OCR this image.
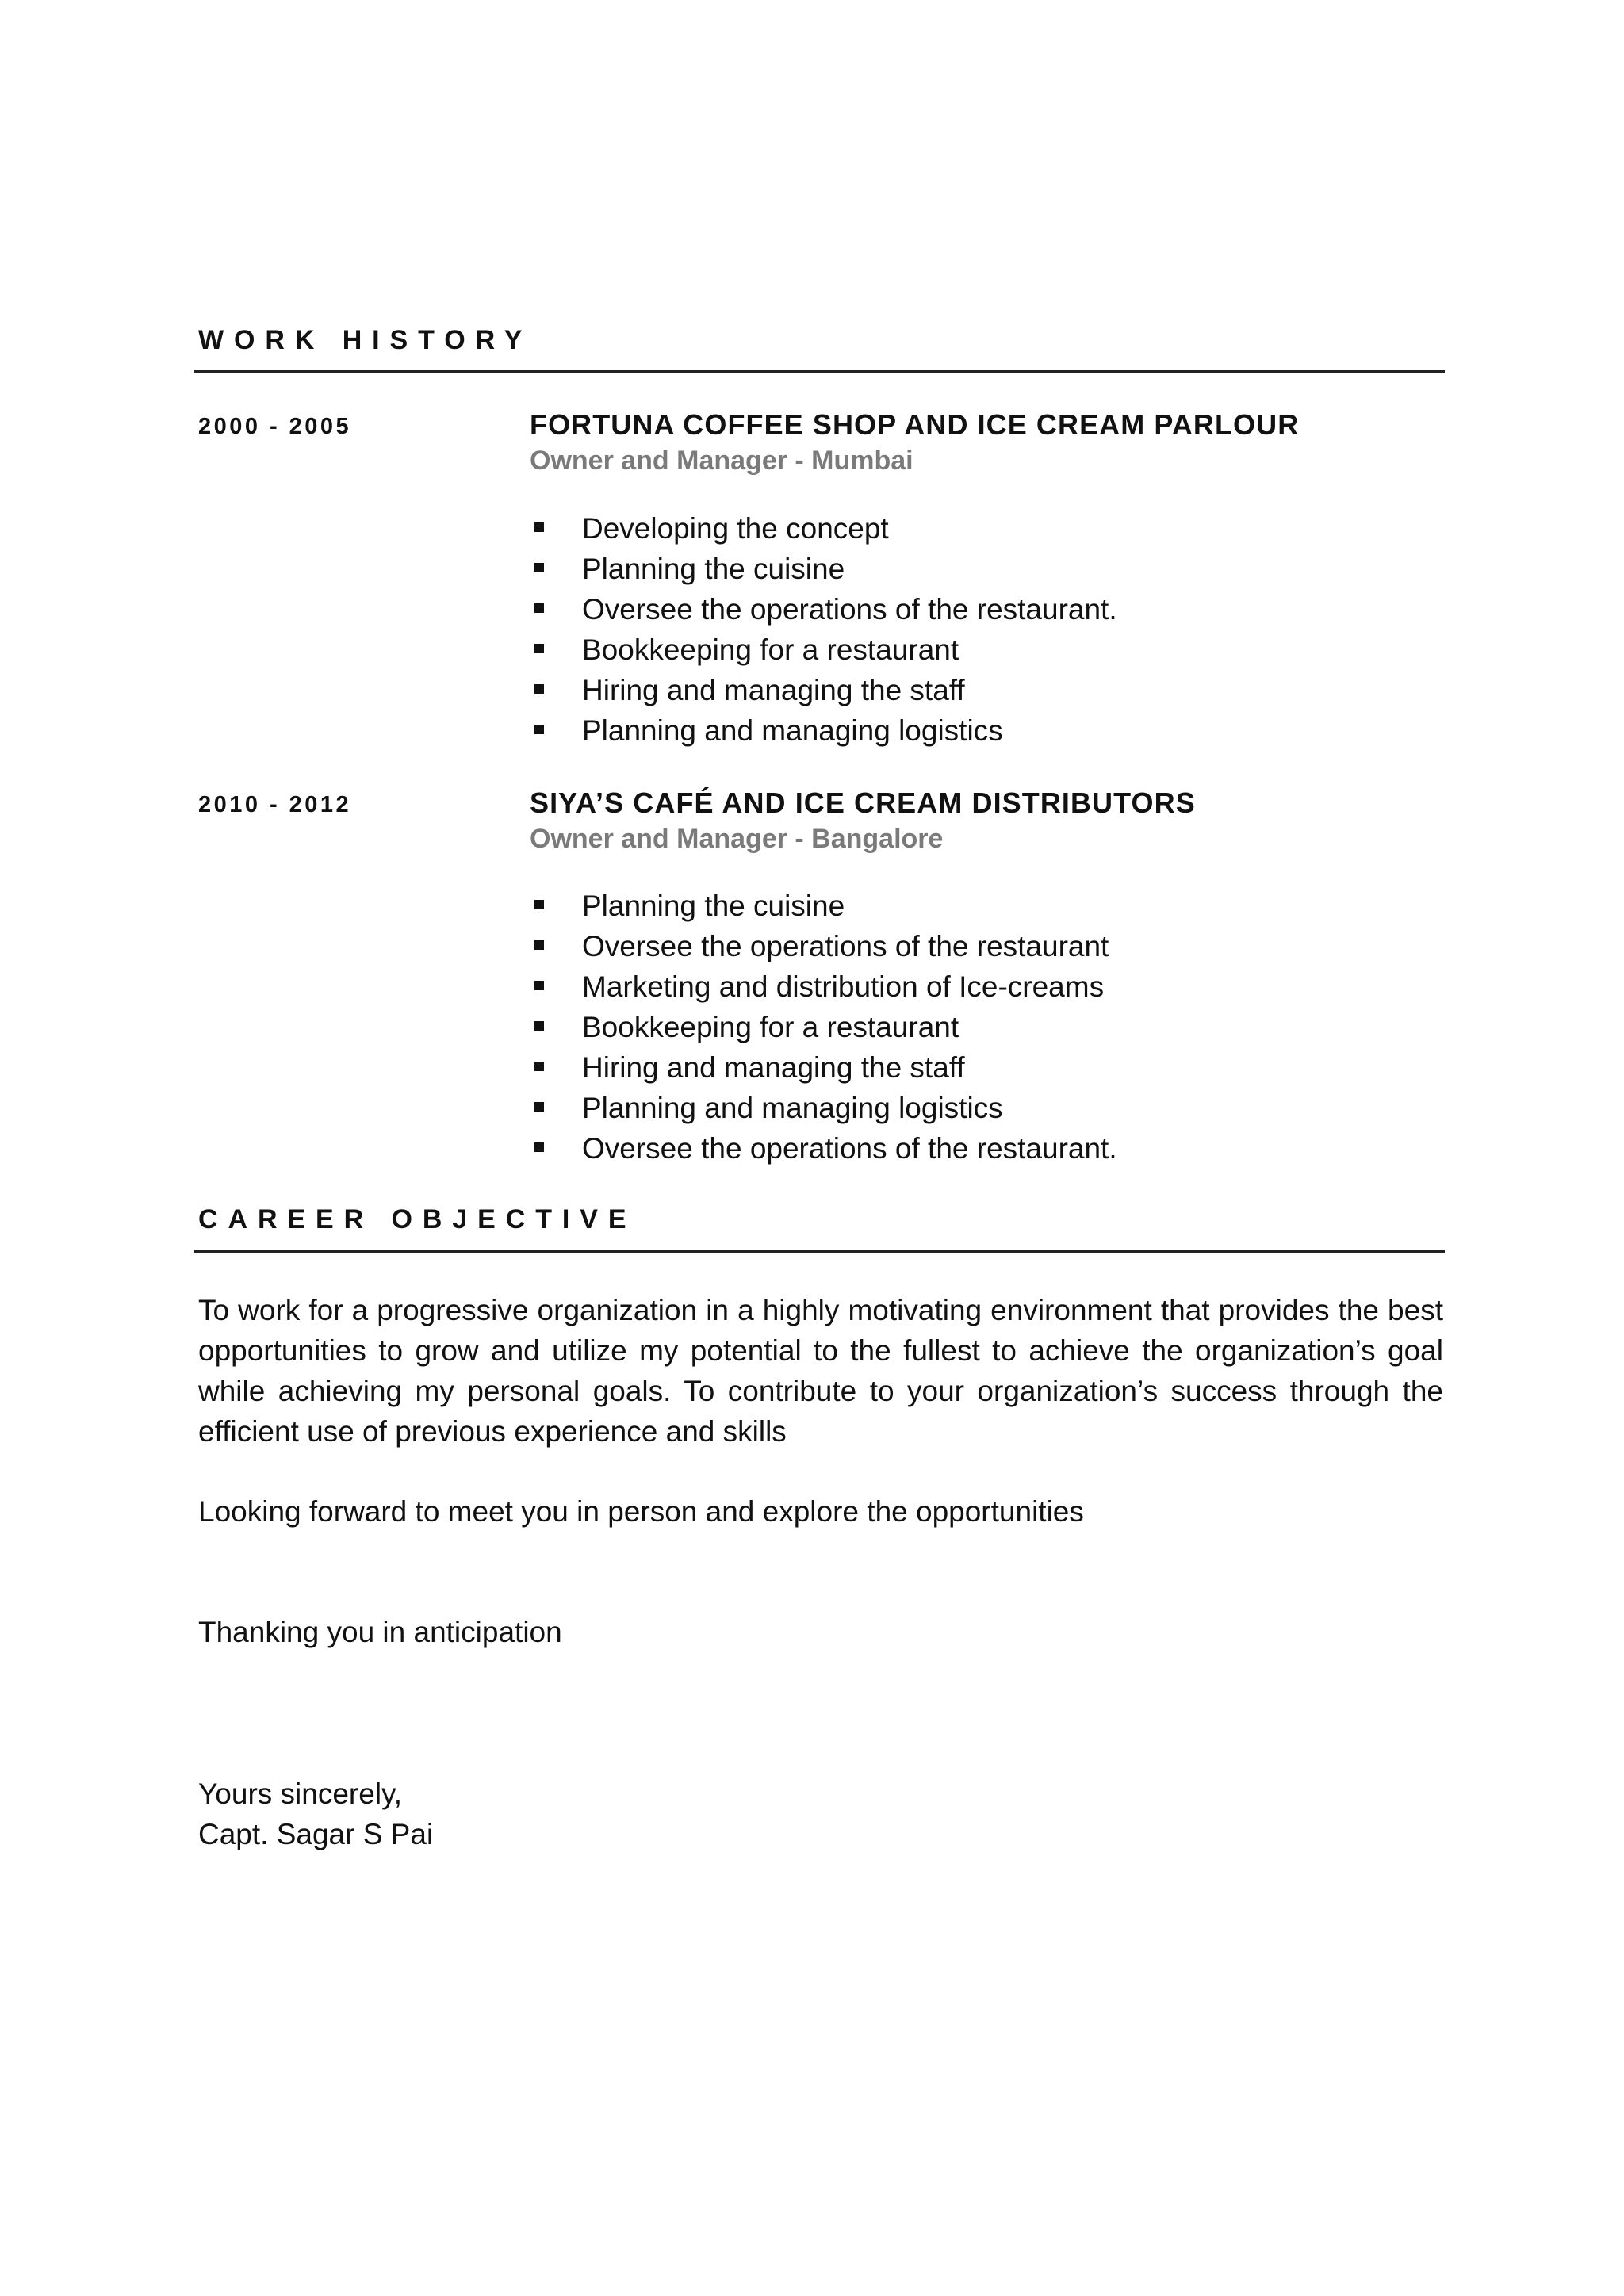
WORK HISTORY
2000 - 2005	FORTUNA COFFEE SHOP AND ICE CREAM PARLOUR
Owner and Manager - Mumbai
Developing the concept
Planning the cuisine
Oversee the operations of the restaurant.
Bookkeeping for a restaurant
Hiring and managing the staff
Planning and managing logistics
2010 - 2012	SIYA’S CAFÉ AND ICE CREAM DISTRIBUTORS
Owner and Manager - Bangalore
Planning the cuisine
Oversee the operations of the restaurant
Marketing and distribution of Ice-creams
Bookkeeping for a restaurant
Hiring and managing the staff
Planning and managing logistics
Oversee the operations of the restaurant.
CAREER OBJECTIVE

To work for a progressive organization in a highly motivating environment that provides the best opportunities to grow and utilize my potential to the fullest to achieve the organization’s goal while achieving my personal goals. To contribute to your organization’s success through the efficient use of previous experience and skills

Looking forward to meet you in person and explore the opportunities
Thanking you in anticipation
Yours sincerely,
Capt. Sagar S Pai
